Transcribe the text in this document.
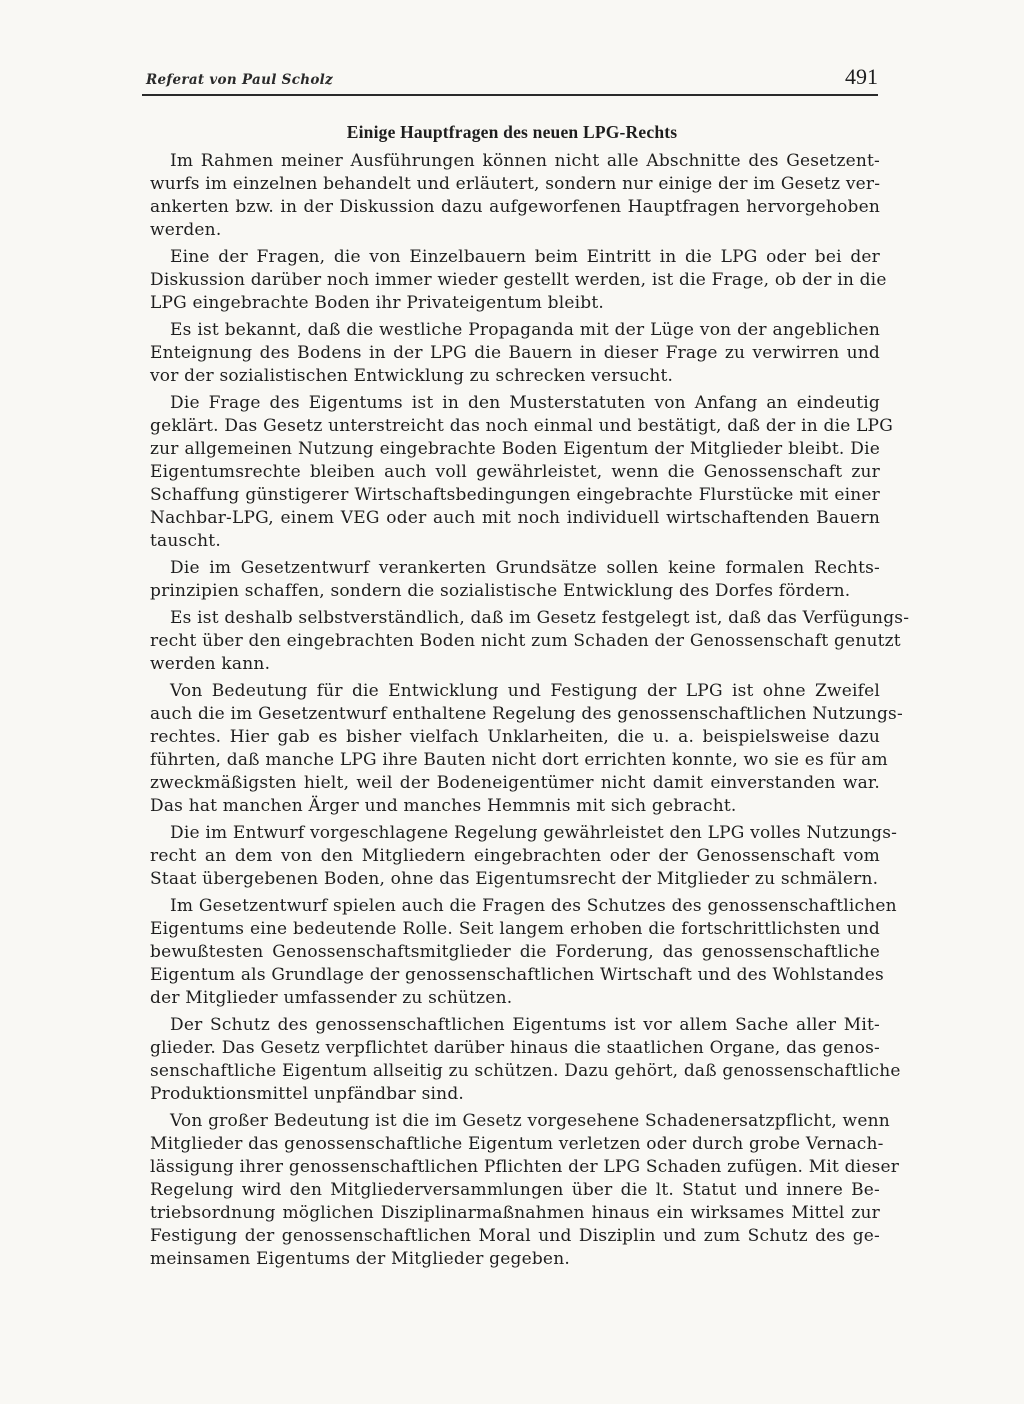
Referat von Paul Scholz	491
Einige Hauptfragen des neuen LPG-Rechts
Im Rahmen meiner Ausführungen können nicht alle Abschnitte des Gesetzent-
wurfs im einzelnen behandelt und erläutert, sondern nur einige der im Gesetz ver-
ankerten bzw. in der Diskussion dazu aufgeworfenen Hauptfragen hervorgehoben
werden.
Eine der Fragen, die von Einzelbauern beim Eintritt in die LPG oder bei der
Diskussion darüber noch immer wieder gestellt werden, ist die Frage, ob der in die
LPG eingebrachte Boden ihr Privateigentum bleibt.
Es ist bekannt, daß die westliche Propaganda mit der Lüge von der angeblichen
Enteignung des Bodens in der LPG die Bauern in dieser Frage zu verwirren und
vor der sozialistischen Entwicklung zu schrecken versucht.
Die Frage des Eigentums ist in den Musterstatuten von Anfang an eindeutig
geklärt. Das Gesetz unterstreicht das noch einmal und bestätigt, daß der in die LPG
zur allgemeinen Nutzung eingebrachte Boden Eigentum der Mitglieder bleibt. Die
Eigentumsrechte bleiben auch voll gewährleistet, wenn die Genossenschaft zur
Schaffung günstigerer Wirtschaftsbedingungen eingebrachte Flurstücke mit einer
Nachbar-LPG, einem VEG oder auch mit noch individuell wirtschaftenden Bauern
tauscht.
Die im Gesetzentwurf verankerten Grundsätze sollen keine formalen Rechts-
prinzipien schaffen, sondern die sozialistische Entwicklung des Dorfes fördern.
Es ist deshalb selbstverständlich, daß im Gesetz festgelegt ist, daß das Verfügungs-
recht über den eingebrachten Boden nicht zum Schaden der Genossenschaft genutzt
werden kann.
Von Bedeutung für die Entwicklung und Festigung der LPG ist ohne Zweifel
auch die im Gesetzentwurf enthaltene Regelung des genossenschaftlichen Nutzungs-
rechtes. Hier gab es bisher vielfach Unklarheiten, die u. a. beispielsweise dazu
führten, daß manche LPG ihre Bauten nicht dort errichten konnte, wo sie es für am
zweckmäßigsten hielt, weil der Bodeneigentümer nicht damit einverstanden war.
Das hat manchen Ärger und manches Hemmnis mit sich gebracht.
Die im Entwurf vorgeschlagene Regelung gewährleistet den LPG volles Nutzungs-
recht an dem von den Mitgliedern eingebrachten oder der Genossenschaft vom
Staat übergebenen Boden, ohne das Eigentumsrecht der Mitglieder zu schmälern.
Im Gesetzentwurf spielen auch die Fragen des Schutzes des genossenschaftlichen
Eigentums eine bedeutende Rolle. Seit langem erhoben die fortschrittlichsten und
bewußtesten Genossenschaftsmitglieder die Forderung, das genossenschaftliche
Eigentum als Grundlage der genossenschaftlichen Wirtschaft und des Wohlstandes
der Mitglieder umfassender zu schützen.
Der Schutz des genossenschaftlichen Eigentums ist vor allem Sache aller Mit-
glieder. Das Gesetz verpflichtet darüber hinaus die staatlichen Organe, das genos-
senschaftliche Eigentum allseitig zu schützen. Dazu gehört, daß genossenschaftliche
Produktionsmittel unpfändbar sind.
Von großer Bedeutung ist die im Gesetz vorgesehene Schadenersatzpflicht, wenn
Mitglieder das genossenschaftliche Eigentum verletzen oder durch grobe Vernach-
lässigung ihrer genossenschaftlichen Pflichten der LPG Schaden zufügen. Mit dieser
Regelung wird den Mitgliederversammlungen über die lt. Statut und innere Be-
triebsordnung möglichen Disziplinarmaßnahmen hinaus ein wirksames Mittel zur
Festigung der genossenschaftlichen Moral und Disziplin und zum Schutz des ge-
meinsamen Eigentums der Mitglieder gegeben.
